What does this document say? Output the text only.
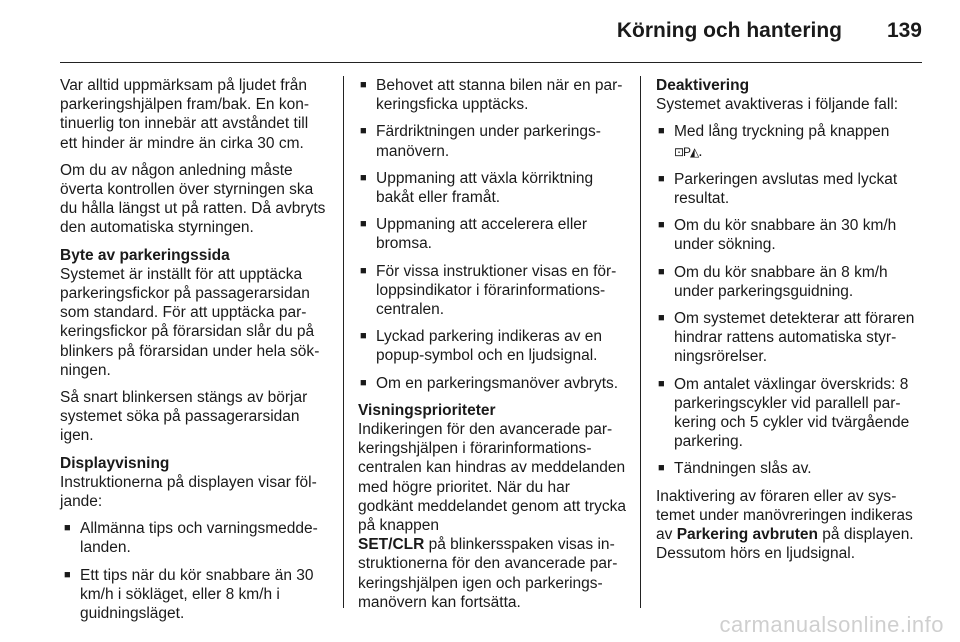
Körning och hantering 139

Var alltid uppmärksam på ljudet från parkeringshjälpen fram/bak. En kontinuerlig ton innebär att avståndet till ett hinder är mindre än cirka 30 cm.

Om du av någon anledning måste överta kontrollen över styrningen ska du hålla längst ut på ratten. Då avbryts den automatiska styrningen.

Byte av parkeringssida

Systemet är inställt för att upptäcka parkeringsfickor på passagerarsidan som standard. För att upptäcka parkeringsfickor på förarsidan slår du på blinkers på förarsidan under hela sökningen.

Så snart blinkersen stängs av börjar systemet söka på passagerarsidan igen.

Displayvisning

Instruktionerna på displayen visar följande:

■ Allmänna tips och varningsmeddelanden.
■ Ett tips när du kör snabbare än 30 km/h i sökläget, eller 8 km/h i guidningsläget.
■ Behovet att stanna bilen när en parkeringsficka upptäcks.
■ Färdriktningen under parkeringsmanövern.
■ Uppmaning att växla körriktning bakåt eller framåt.
■ Uppmaning att accelerera eller bromsa.
■ För vissa instruktioner visas en förloppsindikator i förarinformationscentralen.
■ Lyckad parkering indikeras av en popup-symbol och en ljudsignal.
■ Om en parkeringsmanöver avbryts.

Visningsprioriteter

Indikeringen för den avancerade parkeringshjälpen i förarinformationscentralen kan hindras av meddelanden med högre prioritet. När du har godkänt meddelandet genom att trycka på knappen
SET/CLR på blinkersspaken visas instruktionerna för den avancerade parkeringshjälpen igen och parkeringsmanövern kan fortsätta.

Deaktivering

Systemet avaktiveras i följande fall:

■ Med lång tryckning på knappen
⊡P◭.
■ Parkeringen avslutas med lyckat resultat.
■ Om du kör snabbare än 30 km/h under sökning.
■ Om du kör snabbare än 8 km/h under parkeringsguidning.
■ Om systemet detekterar att föraren hindrar rattens automatiska styrningsrörelser.
■ Om antalet växlingar överskrids: 8 parkeringscykler vid parallell parkering och 5 cykler vid tvärgående parkering.
■ Tändningen slås av.

Inaktivering av föraren eller av systemet under manövreringen indikeras av Parkering avbruten på displayen. Dessutom hörs en ljudsignal.

carmanualsonline.info
